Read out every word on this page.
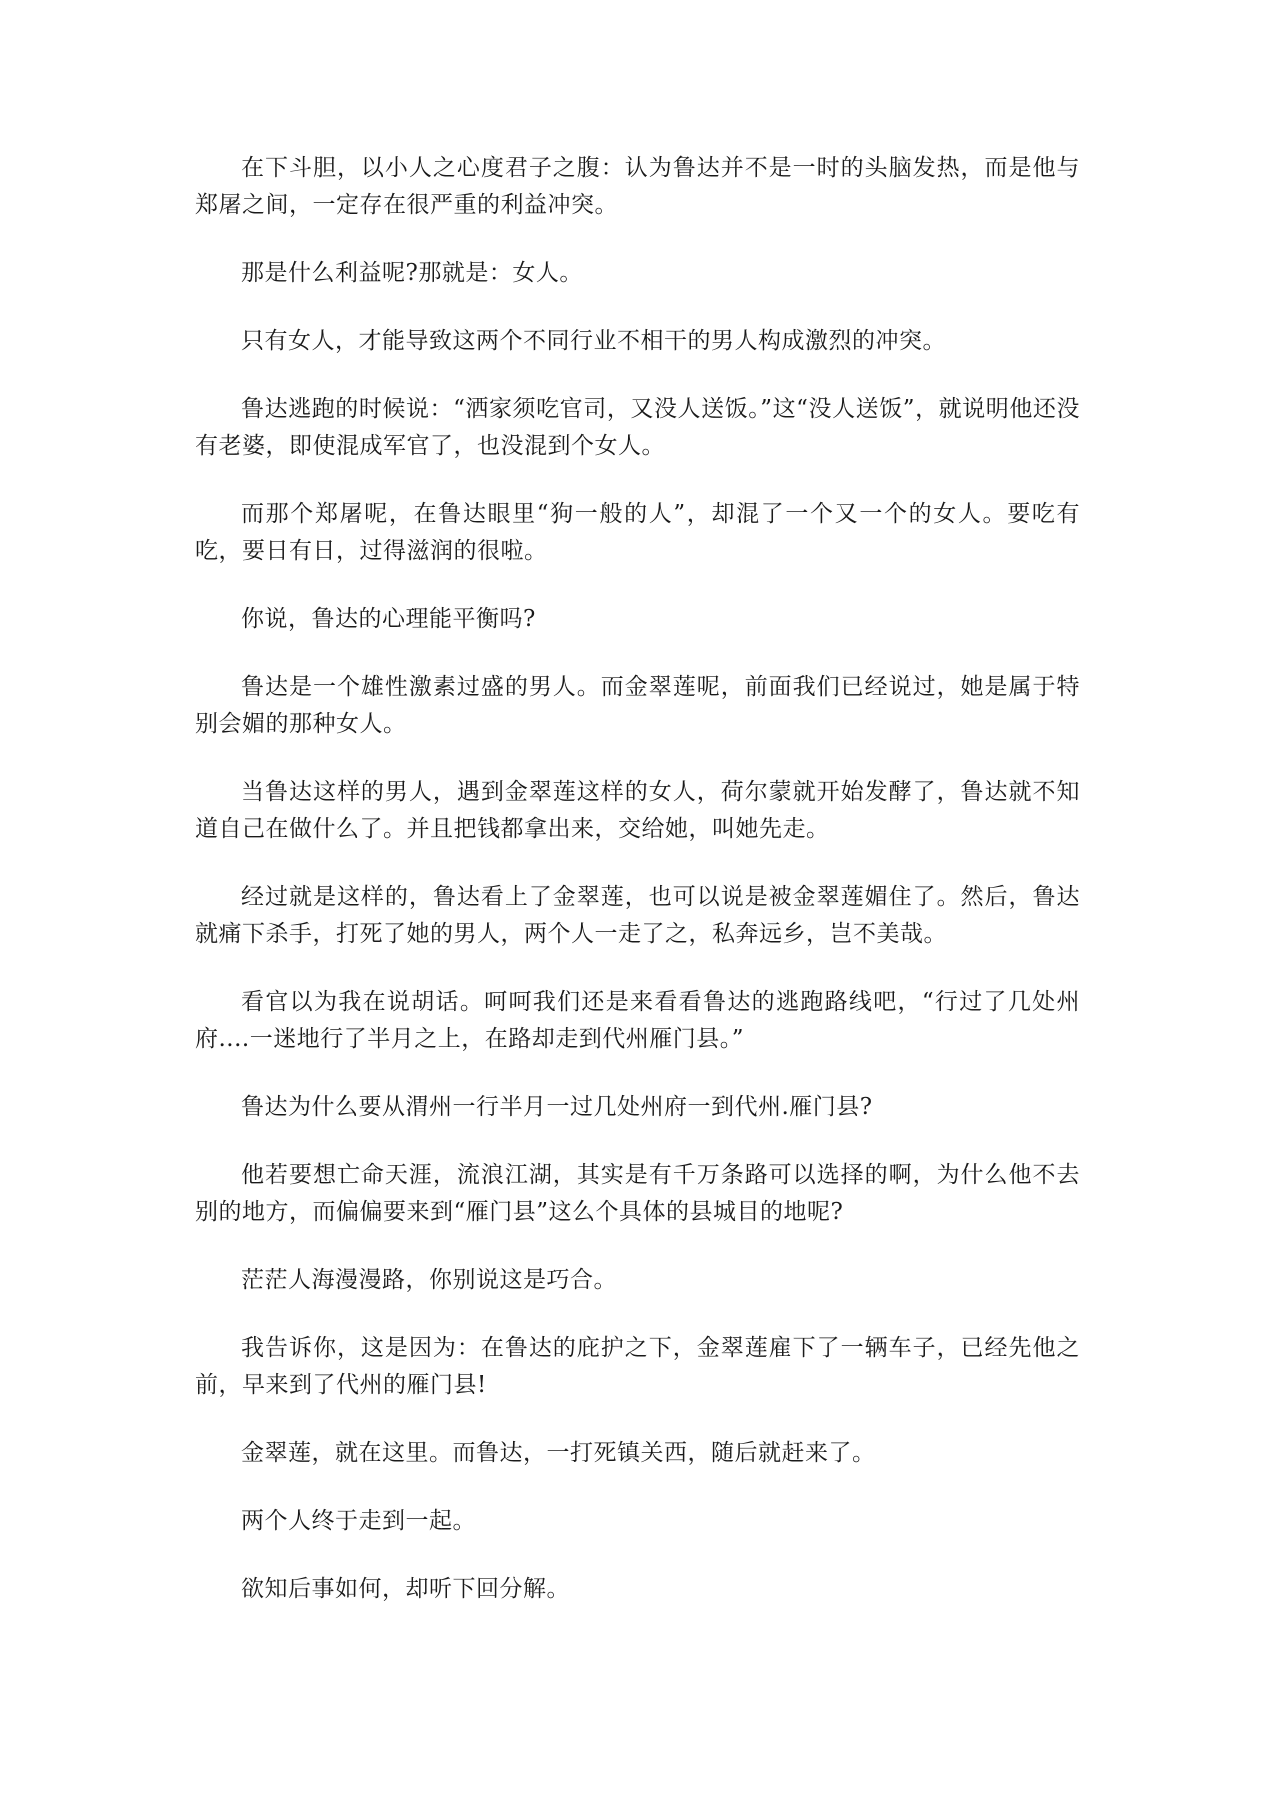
在下斗胆，以小人之心度君子之腹：认为鲁达并不是一时的头脑发热，而是他与郑屠之间，一定存在很严重的利益冲突。

那是什么利益呢?那就是：女人。

只有女人，才能导致这两个不同行业不相干的男人构成激烈的冲突。

鲁达逃跑的时候说：“洒家须吃官司，又没人送饭。”这“没人送饭”，就说明他还没有老婆，即使混成军官了，也没混到个女人。

而那个郑屠呢，在鲁达眼里“狗一般的人”，却混了一个又一个的女人。要吃有吃，要日有日，过得滋润的很啦。

你说，鲁达的心理能平衡吗?

鲁达是一个雄性激素过盛的男人。而金翠莲呢，前面我们已经说过，她是属于特别会媚的那种女人。

当鲁达这样的男人，遇到金翠莲这样的女人，荷尔蒙就开始发酵了，鲁达就不知道自己在做什么了。并且把钱都拿出来，交给她，叫她先走。

经过就是这样的，鲁达看上了金翠莲，也可以说是被金翠莲媚住了。然后，鲁达就痛下杀手，打死了她的男人，两个人一走了之，私奔远乡，岂不美哉。

看官以为我在说胡话。呵呵我们还是来看看鲁达的逃跑路线吧，“行过了几处州府....一迷地行了半月之上，在路却走到代州雁门县。”

鲁达为什么要从渭州一行半月一过几处州府一到代州.雁门县?

他若要想亡命天涯，流浪江湖，其实是有千万条路可以选择的啊，为什么他不去别的地方，而偏偏要来到“雁门县”这么个具体的县城目的地呢?

茫茫人海漫漫路，你别说这是巧合。

我告诉你，这是因为：在鲁达的庇护之下，金翠莲雇下了一辆车子，已经先他之前，早来到了代州的雁门县!

金翠莲，就在这里。而鲁达，一打死镇关西，随后就赶来了。

两个人终于走到一起。

欲知后事如何，却听下回分解。
